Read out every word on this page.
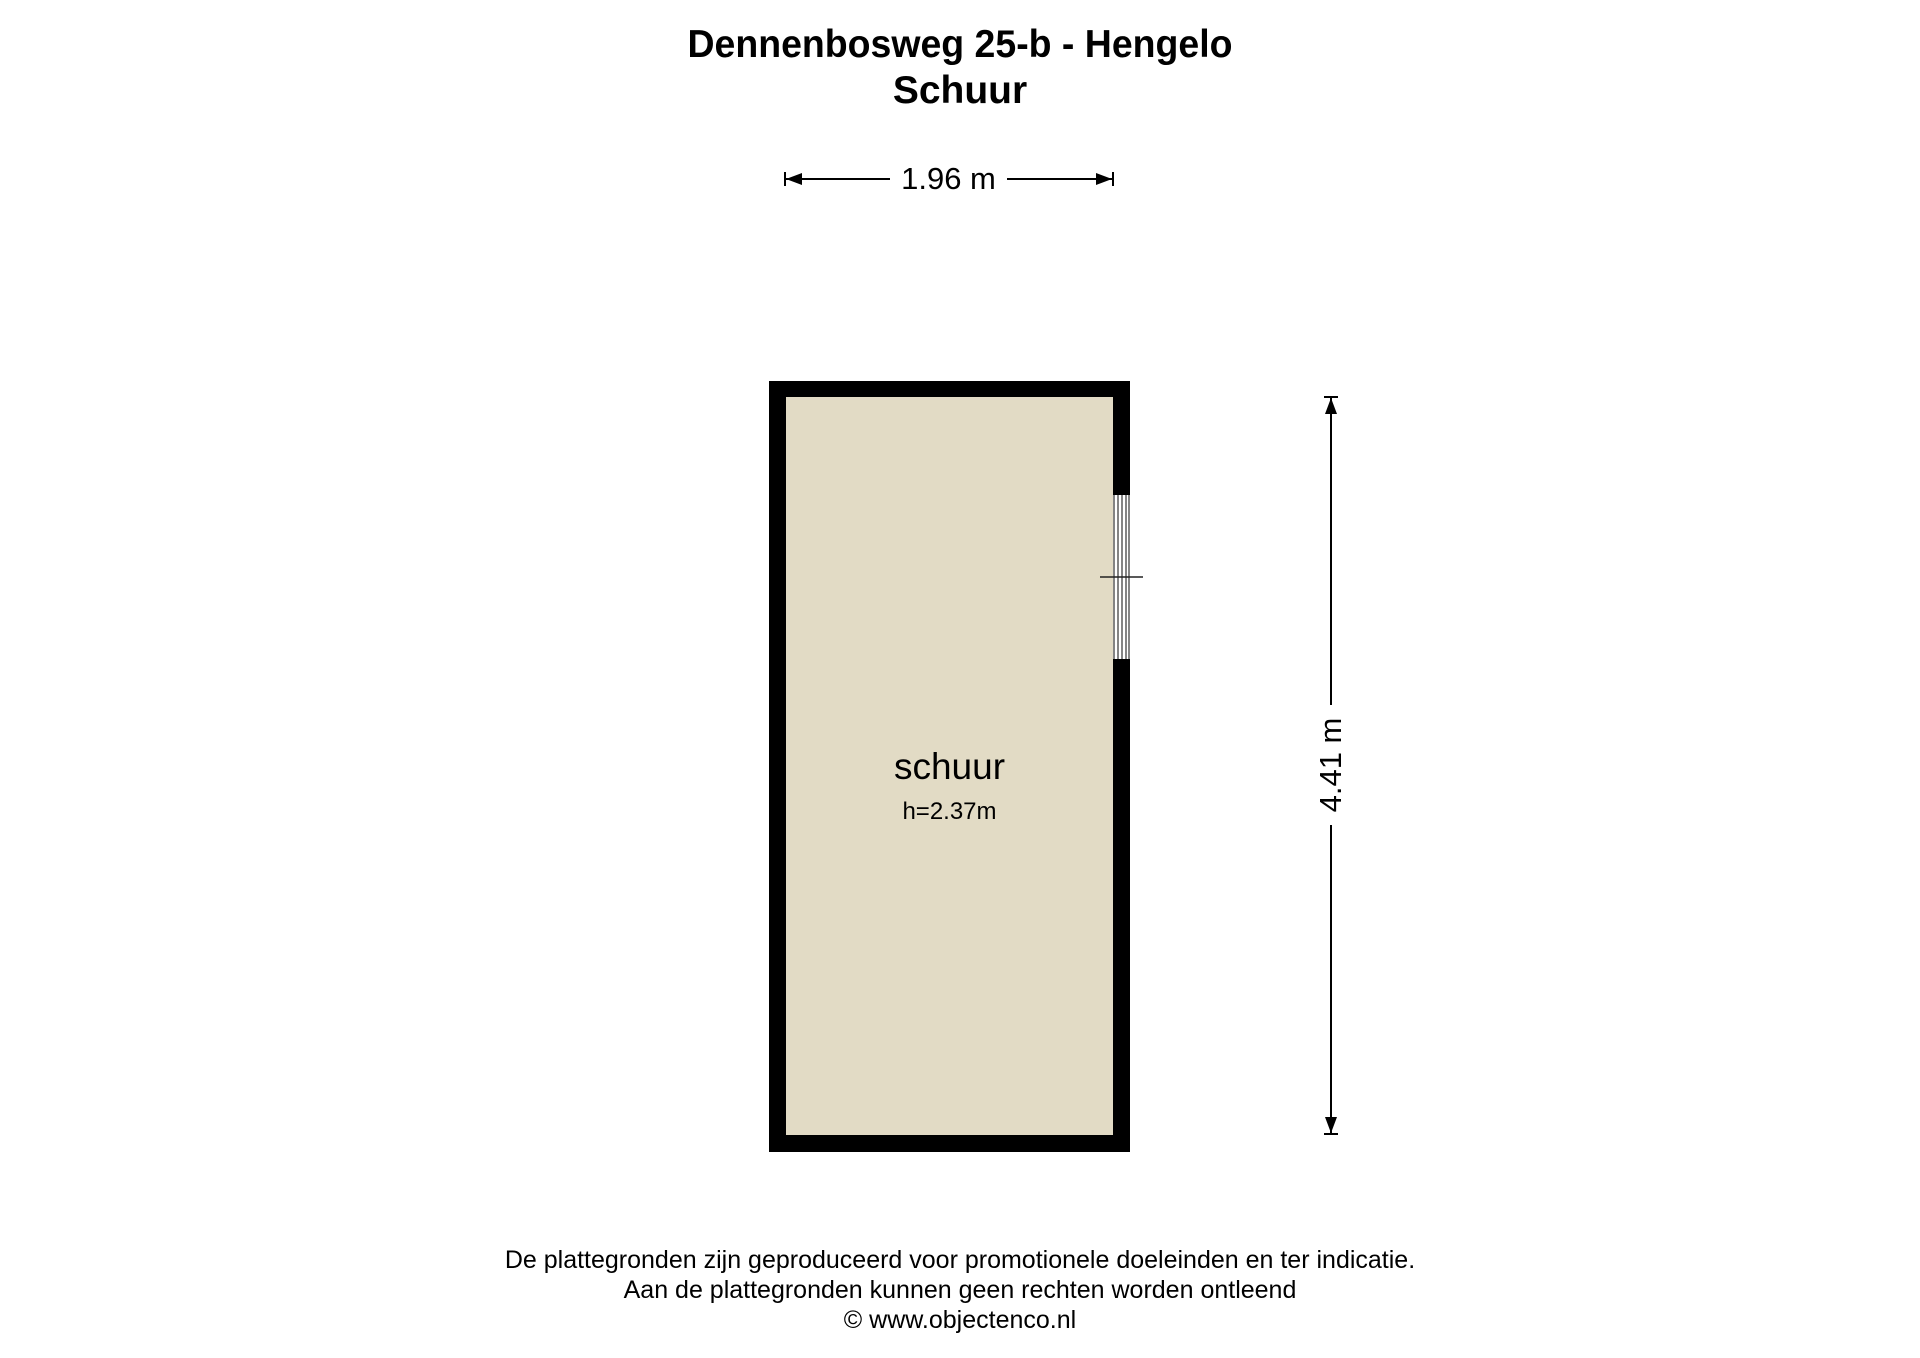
Dennenbosweg 25-b - Hengelo
Schuur
1.96 m
4.41 m
schuur
h=2.37m
De plattegronden zijn geproduceerd voor promotionele doeleinden en ter indicatie.
Aan de plattegronden kunnen geen rechten worden ontleend
© www.objectenco.nl
